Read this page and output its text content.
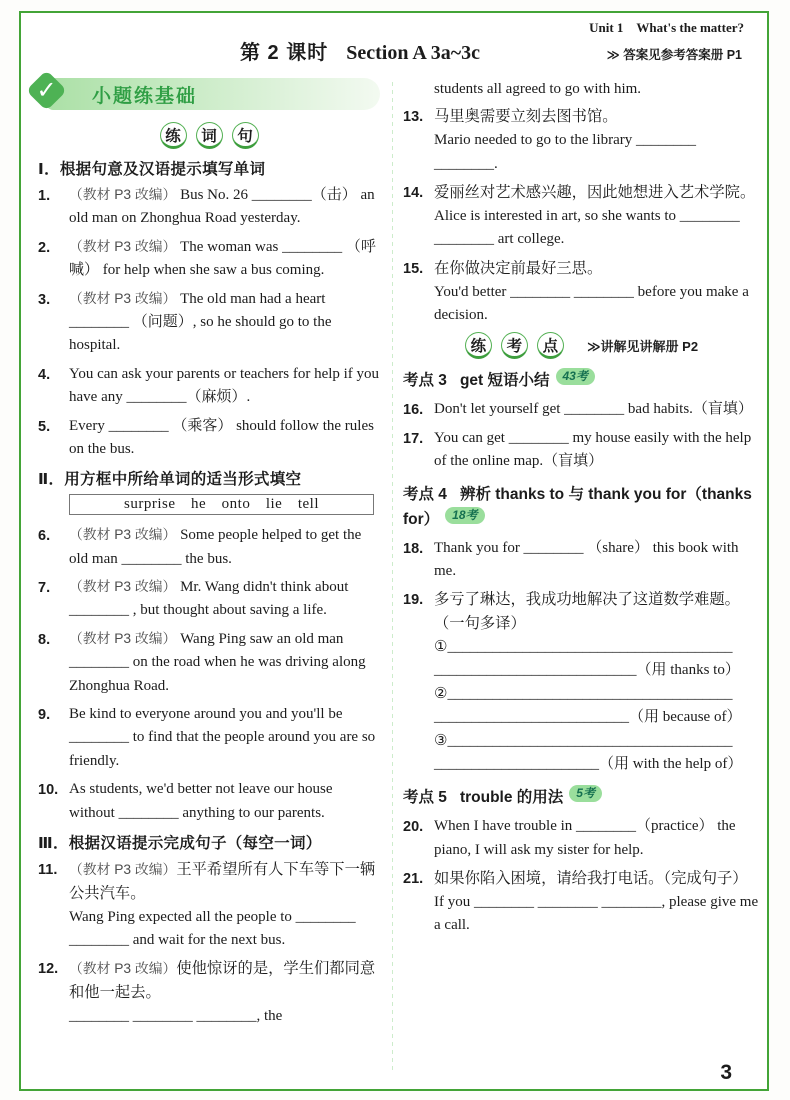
Unit 1　What's the matter?
第 2 课时 Section A 3a~3c	≫ 答案见参考答案册 P1
小题练基础
✓
练	词	句
Ⅰ．根据句意及汉语提示填写单词
1. （教材 P3 改编） Bus No. 26 ________（击） an old man on Zhonghua Road yesterday.
2. （教材 P3 改编） The woman was ________ （呼喊） for help when she saw a bus coming.
3. （教材 P3 改编） The old man had a heart ________ （问题）, so he should go to the hospital.
4. You can ask your parents or teachers for help if you have any ________（麻烦）.
5. Every ________ （乘客） should follow the rules on the bus.
Ⅱ．用方框中所给单词的适当形式填空
surprise he onto lie tell
6. （教材 P3 改编） Some people helped to get the old man ________ the bus.
7. （教材 P3 改编） Mr. Wang didn't think about ________ , but thought about saving a life.
8. （教材 P3 改编） Wang Ping saw an old man ________ on the road when he was driving along Zhonghua Road.
9. Be kind to everyone around you and you'll be ________ to find that the people around you are so friendly.
10. As students, we'd better not leave our house without ________ anything to our parents.
Ⅲ．根据汉语提示完成句子（每空一词）
11. （教材 P3 改编）王平希望所有人下车等下一辆公共汽车。
Wang Ping expected all the people to ________ ________ and wait for the next bus.
12. （教材 P3 改编）使他惊讶的是，学生们都同意和他一起去。
________ ________ ________, the
students all agreed to go with him.
13. 马里奥需要立刻去图书馆。
Mario needed to go to the library ________ ________.
14. 爱丽丝对艺术感兴趣，因此她想进入艺术学院。
Alice is interested in art, so she wants to ________ ________ art college.
15. 在你做决定前最好三思。
You'd better ________ ________ before you make a decision.
练	考	点	≫讲解见讲解册 P2
考点 3 get 短语小结 43考
16. Don't let yourself get ________ bad habits.（盲填）
17. You can get ________ my house easily with the help of the online map.（盲填）
考点 4 辨析 thanks to 与 thank you for（thanks for） 18考
18. Thank you for ________ （share） this book with me.
19. 多亏了琳达，我成功地解决了这道数学难题。（一句多译）
①______________________________________
___________________________（用 thanks to）
②______________________________________
__________________________（用 because of）
③______________________________________
______________________（用 with the help of）
考点 5 trouble 的用法 5考
20. When I have trouble in ________（practice） the piano, I will ask my sister for help.
21. 如果你陷入困境，请给我打电话。（完成句子）
If you ________ ________ ________, please give me a call.
3
